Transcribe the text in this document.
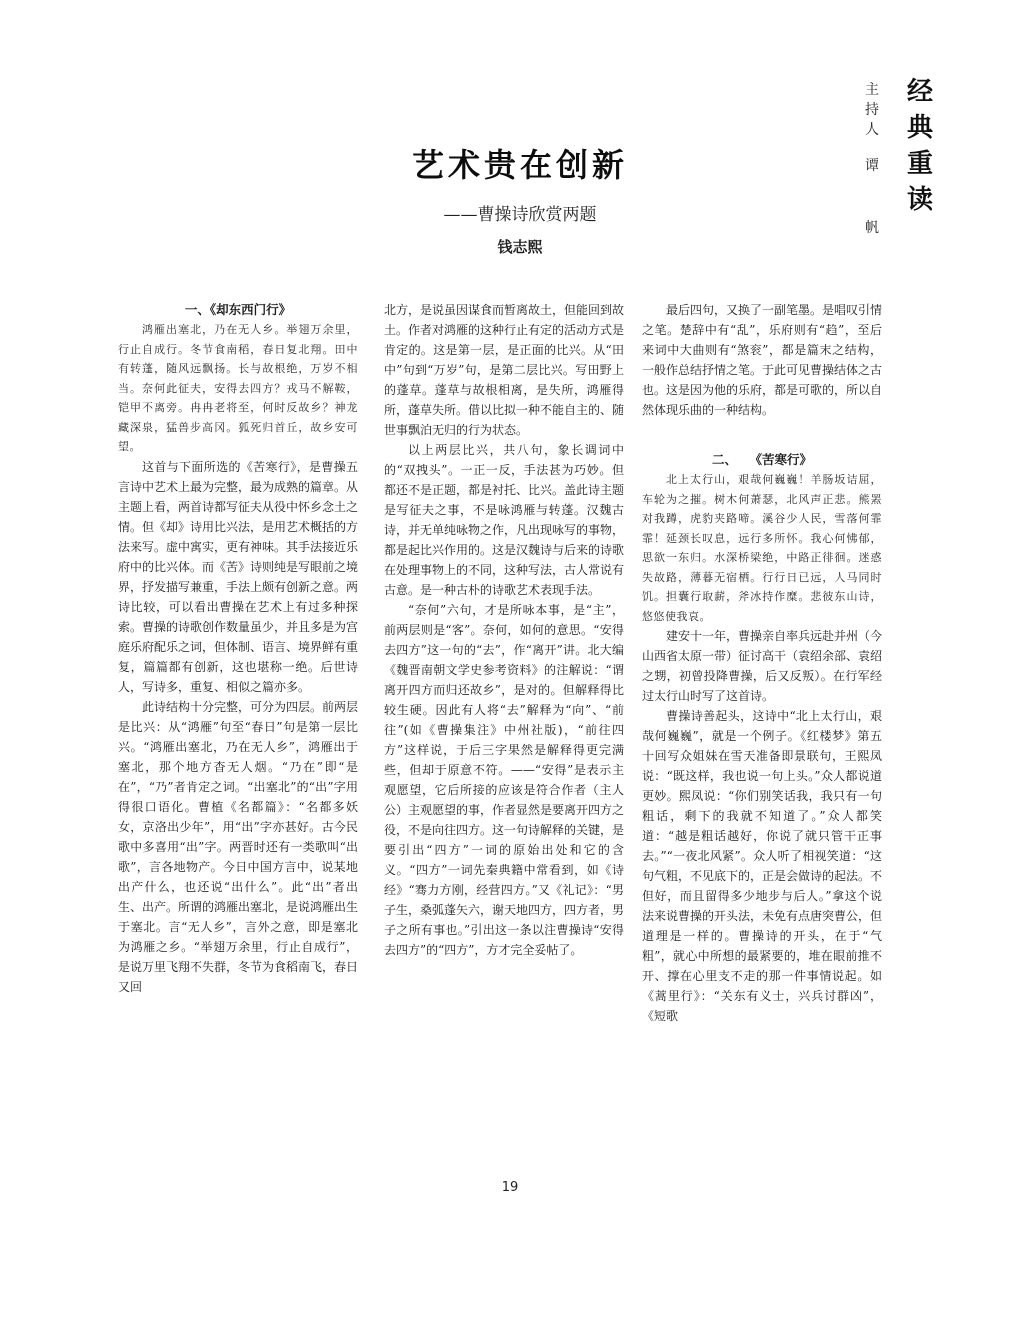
经
典
重
读
主
持
人
谭
帆
艺术贵在创新
——曹操诗欣赏两题
钱志熙
一、《却东西门行》
鸿雁出塞北，乃在无人乡。举翅万余里，行止自成行。冬节食南稻，春日复北翔。田中有转蓬，随风远飘扬。长与故根绝，万岁不相当。奈何此征夫，安得去四方？戎马不解鞍，铠甲不离旁。冉冉老将至，何时反故乡？神龙藏深泉，猛兽步高冈。狐死归首丘，故乡安可望。

这首与下面所选的《苦寒行》，是曹操五言诗中艺术上最为完整，最为成熟的篇章。从主题上看，两首诗都写征夫从役中怀乡念土之情。但《却》诗用比兴法，是用艺术概括的方法来写。虚中寓实，更有神味。其手法接近乐府中的比兴体。而《苦》诗则纯是写眼前之境界，抒发描写兼重，手法上颇有创新之意。两诗比较，可以看出曹操在艺术上有过多种探索。曹操的诗歌创作数量虽少，并且多是为宫庭乐府配乐之词，但体制、语言、境界鲜有重复，篇篇都有创新，这也堪称一绝。后世诗人，写诗多，重复、相似之篇亦多。

此诗结构十分完整，可分为四层。前两层是比兴：从“鸿雁”句至“春日”句是第一层比兴。“鸿雁出塞北，乃在无人乡”，鸿雁出于塞北，那个地方杳无人烟。“乃在”即“是在”，“乃”者肯定之词。“出塞北”的“出”字用得很口语化。曹植《名都篇》：“名都多妖女，京洛出少年”，用“出”字亦甚好。古今民歌中多喜用“出”字。两晋时还有一类歌叫“出歌”，言各地物产。今日中国方言中，说某地出产什么，也还说“出什么”。此“出”者出生、出产。所谓的鸿雁出塞北，是说鸿雁出生于塞北。言“无人乡”，言外之意，即是塞北为鸿雁之乡。“举翅万余里，行止自成行”，是说万里飞翔不失群，冬节为食稻南飞，春日又回

北方，是说虽因谋食而暂离故土，但能回到故土。作者对鸿雁的这种行止有定的活动方式是肯定的。这是第一层，是正面的比兴。从“田中”句到“万岁”句，是第二层比兴。写田野上的蓬草。蓬草与故根相离，是失所，鸿雁得所，蓬草失所。借以比拟一种不能自主的、随世事飘泊无归的行为状态。

以上两层比兴，共八句，象长调词中的“双拽头”。一正一反，手法甚为巧妙。但都还不是正题，都是衬托、比兴。盖此诗主题是写征夫之事，不是咏鸿雁与转蓬。汉魏古诗，并无单纯咏物之作，凡出现咏写的事物，都是起比兴作用的。这是汉魏诗与后来的诗歌在处理事物上的不同，这种写法，古人常说有古意。是一种古朴的诗歌艺术表现手法。

“奈何”六句，才是所咏本事，是“主”，前两层则是“客”。奈何，如何的意思。“安得去四方”这一句的“去”，作“离开”讲。北大编《魏晋南朝文学史参考资料》的注解说：“谓离开四方而归还故乡”，是对的。但解释得比较生硬。因此有人将“去”解释为“向”、“前往”(如《曹操集注》中州社版)，“前往四方”这样说，于后三字果然是解释得更完满些，但却于原意不符。——“安得”是表示主观愿望，它后所接的应该是符合作者（主人公）主观愿望的事，作者显然是要离开四方之役，不是向往四方。这一句诗解释的关键，是要引出“四方”一词的原始出处和它的含义。“四方”一词先秦典籍中常看到，如《诗经》“骞力方刚，经营四方。”又《礼记》：“男子生，桑弧蓬矢六，谢天地四方，四方者，男子之所有事也。”引出这一条以注曹操诗“安得去四方”的“四方”，方才完全妥帖了。

最后四句，又换了一副笔墨。是唱叹引情之笔。楚辞中有“乱”，乐府则有“趋”，至后来词中大曲则有“煞衮”，都是篇末之结构，一般作总结抒情之笔。于此可见曹操结体之古也。这是因为他的乐府，都是可歌的，所以自然体现乐曲的一种结构。

二、　　《苦寒行》
北上太行山，艰哉何巍巍！羊肠坂诘屈，车轮为之摧。树木何萧瑟，北风声正悲。熊罴对我蹲，虎豹夹路啼。溪谷少人民，雪落何霏霏！延颈长叹息，远行多所怀。我心何怫郁，思欲一东归。水深桥梁绝，中路正徘徊。迷惑失故路，薄暮无宿栖。行行日已远，人马同时饥。担囊行取薪，斧冰持作糜。悲彼东山诗，悠悠使我哀。

建安十一年，曹操亲自率兵远赴并州（今山西省太原一带）征讨高干（袁绍余部、袁绍之甥，初曾投降曹操，后又反叛）。在行军经过太行山时写了这首诗。

曹操诗善起头，这诗中“北上太行山，艰哉何巍巍”，就是一个例子。《红楼梦》第五十回写众姐妹在雪天准备即景联句，王熙凤说：“既这样，我也说一句上头。”众人都说道更妙。熙凤说：“你们别笑话我，我只有一句粗话，剩下的我就不知道了。”众人都笑道：“越是粗话越好，你说了就只管干正事去。”“一夜北风紧”。众人听了相视笑道：“这句气粗，不见底下的，正是会做诗的起法。不但好，而且留得多少地步与后人。”拿这个说法来说曹操的开头法，未免有点唐突曹公，但道理是一样的。曹操诗的开头，在于“气粗”，就心中所想的最紧要的，堆在眼前推不开、撑在心里支不走的那一件事情说起。如《蒿里行》：“关东有义士，兴兵讨群凶”，《短歌

19
